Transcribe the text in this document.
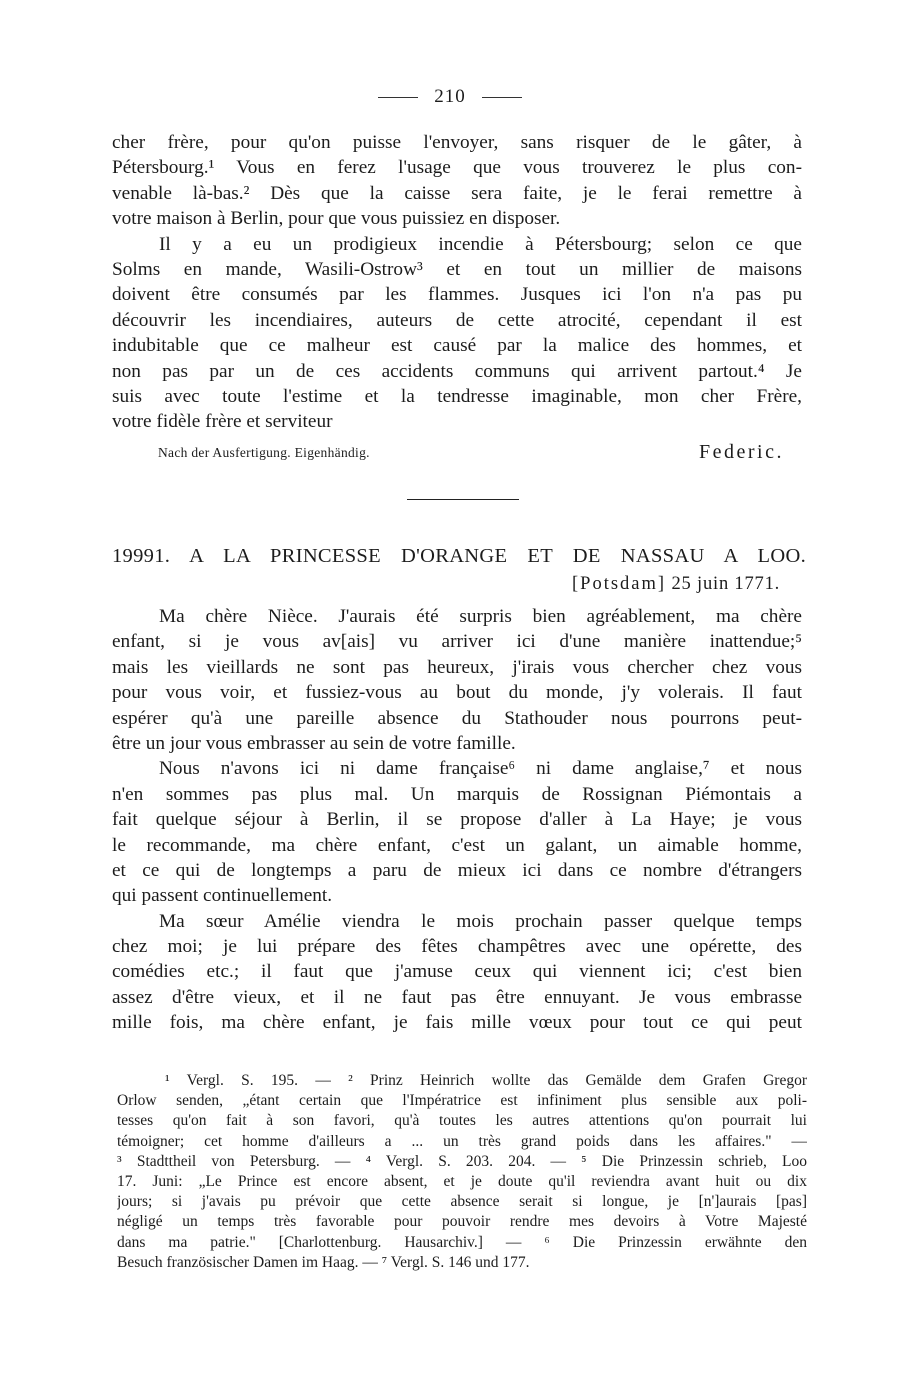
210
cher frère, pour qu'on puisse l'envoyer, sans risquer de le gâter, à
Pétersbourg.¹ Vous en ferez l'usage que vous trouverez le plus con-
venable là-bas.² Dès que la caisse sera faite, je le ferai remettre à
votre maison à Berlin, pour que vous puissiez en disposer.
Il y a eu un prodigieux incendie à Pétersbourg; selon ce que
Solms en mande, Wasili-Ostrow³ et en tout un millier de maisons
doivent être consumés par les flammes. Jusques ici l'on n'a pas pu
découvrir les incendiaires, auteurs de cette atrocité, cependant il est
indubitable que ce malheur est causé par la malice des hommes, et
non pas par un de ces accidents communs qui arrivent partout.⁴ Je
suis avec toute l'estime et la tendresse imaginable, mon cher Frère,
votre fidèle frère et serviteur
Nach der Ausfertigung. Eigenhändig.	Federic.
19991. A LA PRINCESSE D'ORANGE ET DE NASSAU A LOO.
[Potsdam] 25 juin 1771.
Ma chère Nièce. J'aurais été surpris bien agréablement, ma chère
enfant, si je vous av[ais] vu arriver ici d'une manière inattendue;⁵
mais les vieillards ne sont pas heureux, j'irais vous chercher chez vous
pour vous voir, et fussiez-vous au bout du monde, j'y volerais. Il faut
espérer qu'à une pareille absence du Stathouder nous pourrons peut-
être un jour vous embrasser au sein de votre famille.
Nous n'avons ici ni dame française⁶ ni dame anglaise,⁷ et nous
n'en sommes pas plus mal. Un marquis de Rossignan Piémontais a
fait quelque séjour à Berlin, il se propose d'aller à La Haye; je vous
le recommande, ma chère enfant, c'est un galant, un aimable homme,
et ce qui de longtemps a paru de mieux ici dans ce nombre d'étrangers
qui passent continuellement.
Ma sœur Amélie viendra le mois prochain passer quelque temps
chez moi; je lui prépare des fêtes champêtres avec une opérette, des
comédies etc.; il faut que j'amuse ceux qui viennent ici; c'est bien
assez d'être vieux, et il ne faut pas être ennuyant. Je vous embrasse
mille fois, ma chère enfant, je fais mille vœux pour tout ce qui peut
¹ Vergl. S. 195. — ² Prinz Heinrich wollte das Gemälde dem Grafen Gregor
Orlow senden, „étant certain que l'Impératrice est infiniment plus sensible aux poli-
tesses qu'on fait à son favori, qu'à toutes les autres attentions qu'on pourrait lui
témoigner; cet homme d'ailleurs a ... un très grand poids dans les affaires." —
³ Stadttheil von Petersburg. — ⁴ Vergl. S. 203. 204. — ⁵ Die Prinzessin schrieb, Loo
17. Juni: „Le Prince est encore absent, et je doute qu'il reviendra avant huit ou dix
jours; si j'avais pu prévoir que cette absence serait si longue, je [n']aurais [pas]
négligé un temps très favorable pour pouvoir rendre mes devoirs à Votre Majesté
dans ma patrie." [Charlottenburg. Hausarchiv.] — ⁶ Die Prinzessin erwähnte den
Besuch französischer Damen im Haag. — ⁷ Vergl. S. 146 und 177.
